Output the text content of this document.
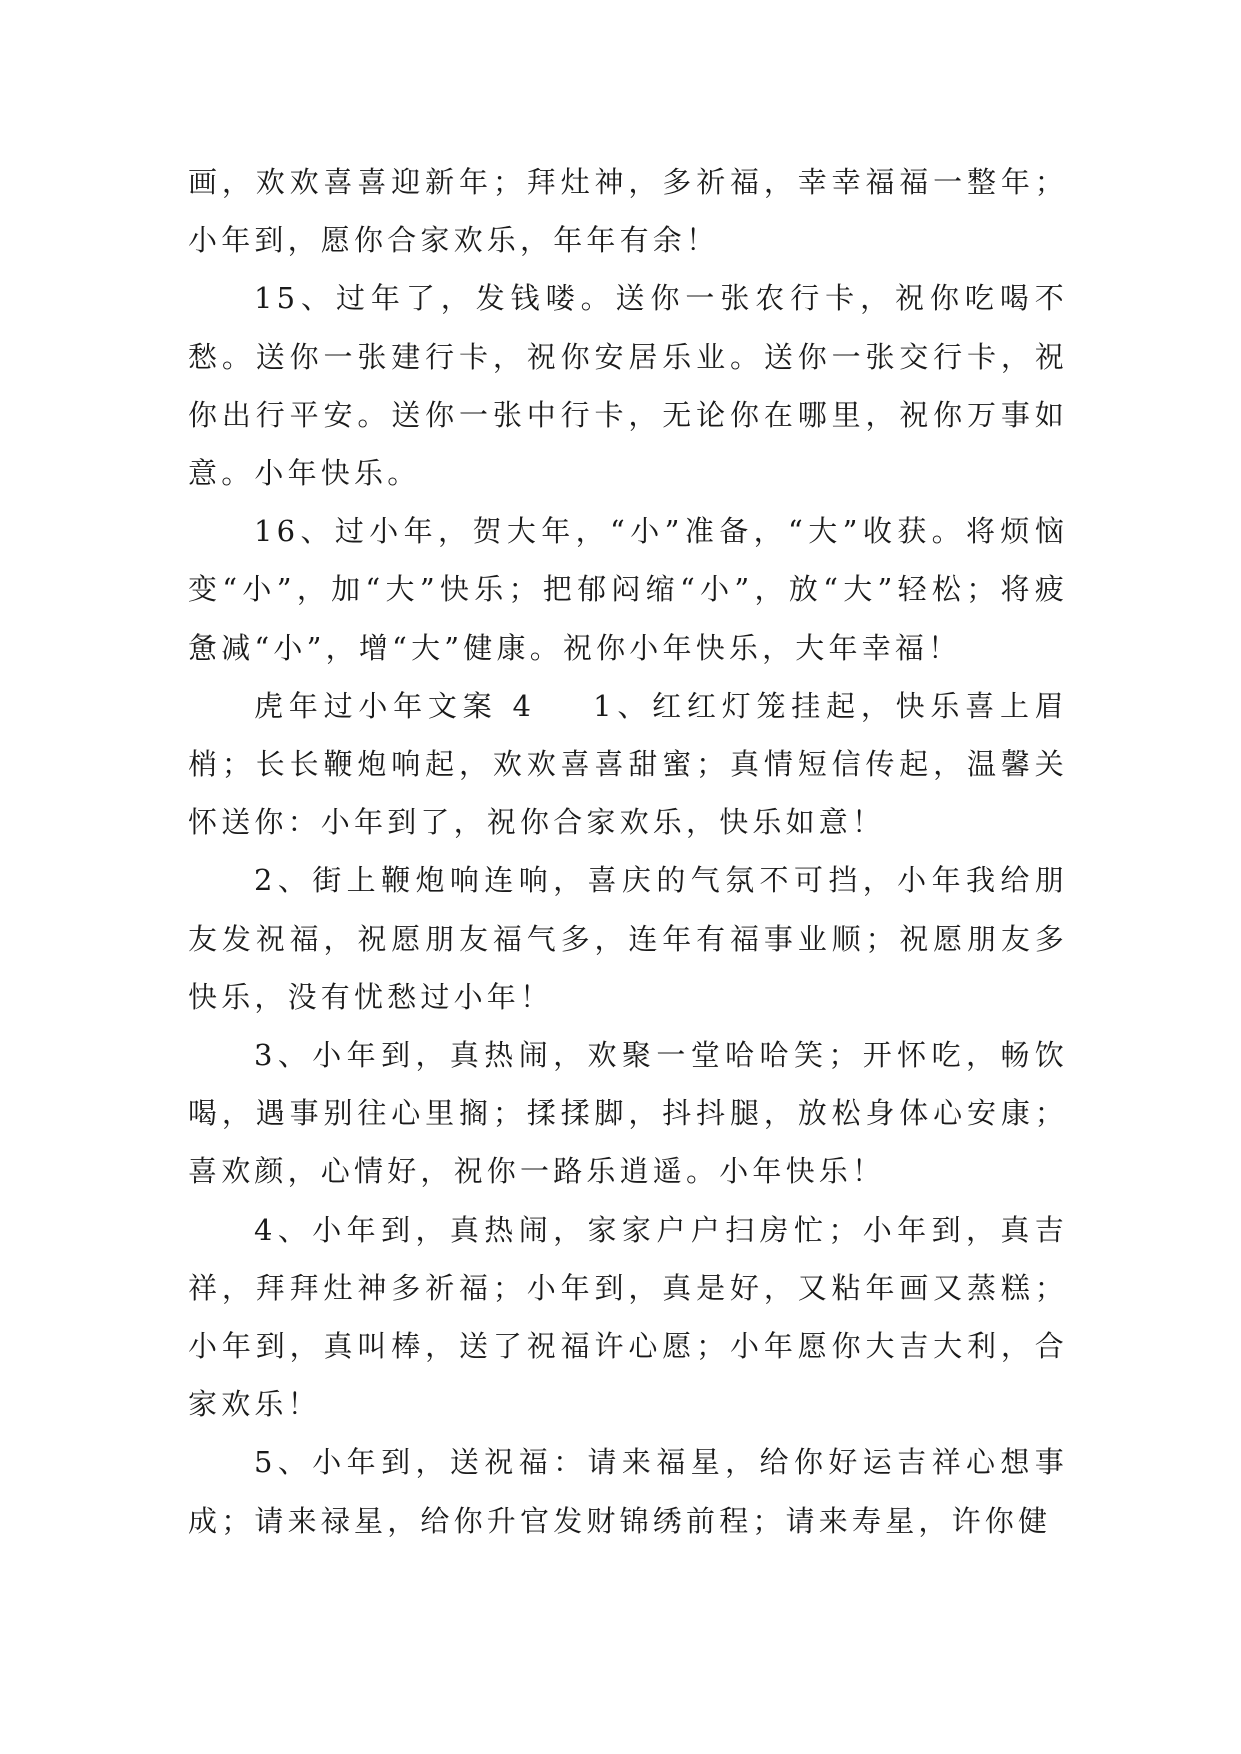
画，欢欢喜喜迎新年；拜灶神，多祈福，幸幸福福一整年；小年到，愿你合家欢乐，年年有余！

15、过年了，发钱喽。送你一张农行卡，祝你吃喝不愁。送你一张建行卡，祝你安居乐业。送你一张交行卡，祝你出行平安。送你一张中行卡，无论你在哪里，祝你万事如意。小年快乐。

16、过小年，贺大年，“小”准备，“大”收获。将烦恼变“小”，加“大”快乐；把郁闷缩“小”，放“大”轻松；将疲惫减“小”，增“大”健康。祝你小年快乐，大年幸福！

虎年过小年文案 4 1、红红灯笼挂起，快乐喜上眉梢；长长鞭炮响起，欢欢喜喜甜蜜；真情短信传起，温馨关怀送你：小年到了，祝你合家欢乐，快乐如意！

2、街上鞭炮响连响，喜庆的气氛不可挡，小年我给朋友发祝福，祝愿朋友福气多，连年有福事业顺；祝愿朋友多快乐，没有忧愁过小年！

3、小年到，真热闹，欢聚一堂哈哈笑；开怀吃，畅饮喝，遇事别往心里搁；揉揉脚，抖抖腿，放松身体心安康；喜欢颜，心情好，祝你一路乐逍遥。小年快乐！

4、小年到，真热闹，家家户户扫房忙；小年到，真吉祥，拜拜灶神多祈福；小年到，真是好，又粘年画又蒸糕；小年到，真叫棒，送了祝福许心愿；小年愿你大吉大利，合家欢乐！

5、小年到，送祝福：请来福星，给你好运吉祥心想事成；请来禄星，给你升官发财锦绣前程；请来寿星，许你健
